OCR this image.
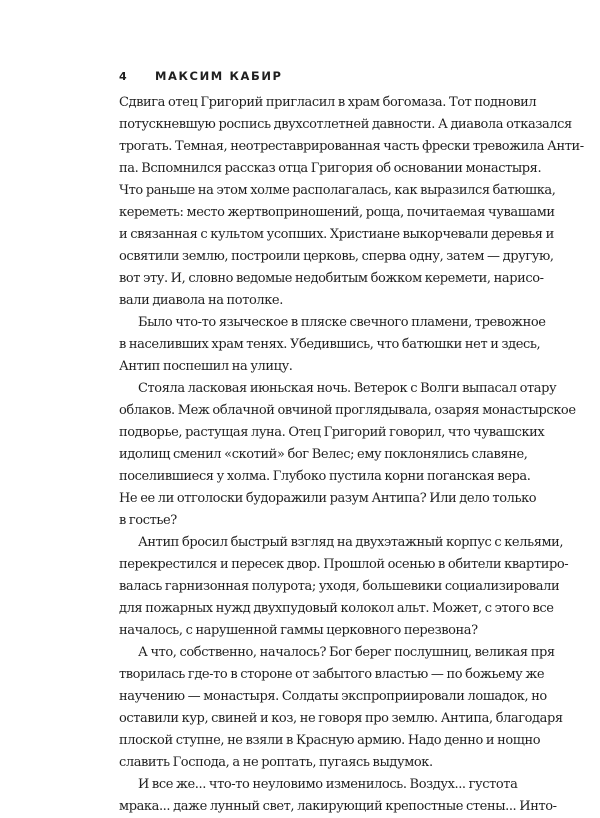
4	МАКСИМ КАБИР
Сдвига отец Григорий пригласил в храм богомаза. Тот подновил
потускневшую роспись двухсотлетней давности. А диавола отказался
трогать. Темная, неотреставрированная часть фрески тревожила Анти-
па. Вспомнился рассказ отца Григория об основании монастыря.
Что раньше на этом холме располагалась, как выразился батюшка,
кереметь: место жертвоприношений, роща, почитаемая чувашами
и связанная с культом усопших. Христиане выкорчевали деревья и
освятили землю, построили церковь, сперва одну, затем — другую,
вот эту. И, словно ведомые недобитым божком керемети, нарисо-
вали диавола на потолке.
Было что-то языческое в пляске свечного пламени, тревожное
в населивших храм тенях. Убедившись, что батюшки нет и здесь,
Антип поспешил на улицу.
Стояла ласковая июньская ночь. Ветерок с Волги выпасал отару
облаков. Меж облачной овчиной проглядывала, озаряя монастырское
подворье, растущая луна. Отец Григорий говорил, что чувашских
идолищ сменил «скотий» бог Велес; ему поклонялись славяне,
поселившиеся у холма. Глубоко пустила корни поганская вера.
Не ее ли отголоски будоражили разум Антипа? Или дело только
в гостье?
Антип бросил быстрый взгляд на двухэтажный корпус с кельями,
перекрестился и пересек двор. Прошлой осенью в обители квартиро-
валась гарнизонная полурота; уходя, большевики социализировали
для пожарных нужд двухпудовый колокол альт. Может, с этого все
началось, с нарушенной гаммы церковного перезвона?
А что, собственно, началось? Бог берег послушниц, великая пря
творилась где-то в стороне от забытого властью — по божьему же
научению — монастыря. Солдаты экспроприировали лошадок, но
оставили кур, свиней и коз, не говоря про землю. Антипа, благодаря
плоской ступне, не взяли в Красную армию. Надо денно и нощно
славить Господа, а не роптать, пугаясь выдумок.
И все же... что-то неуловимо изменилось. Воздух... густота
мрака... даже лунный свет, лакирующий крепостные стены... Инто-
